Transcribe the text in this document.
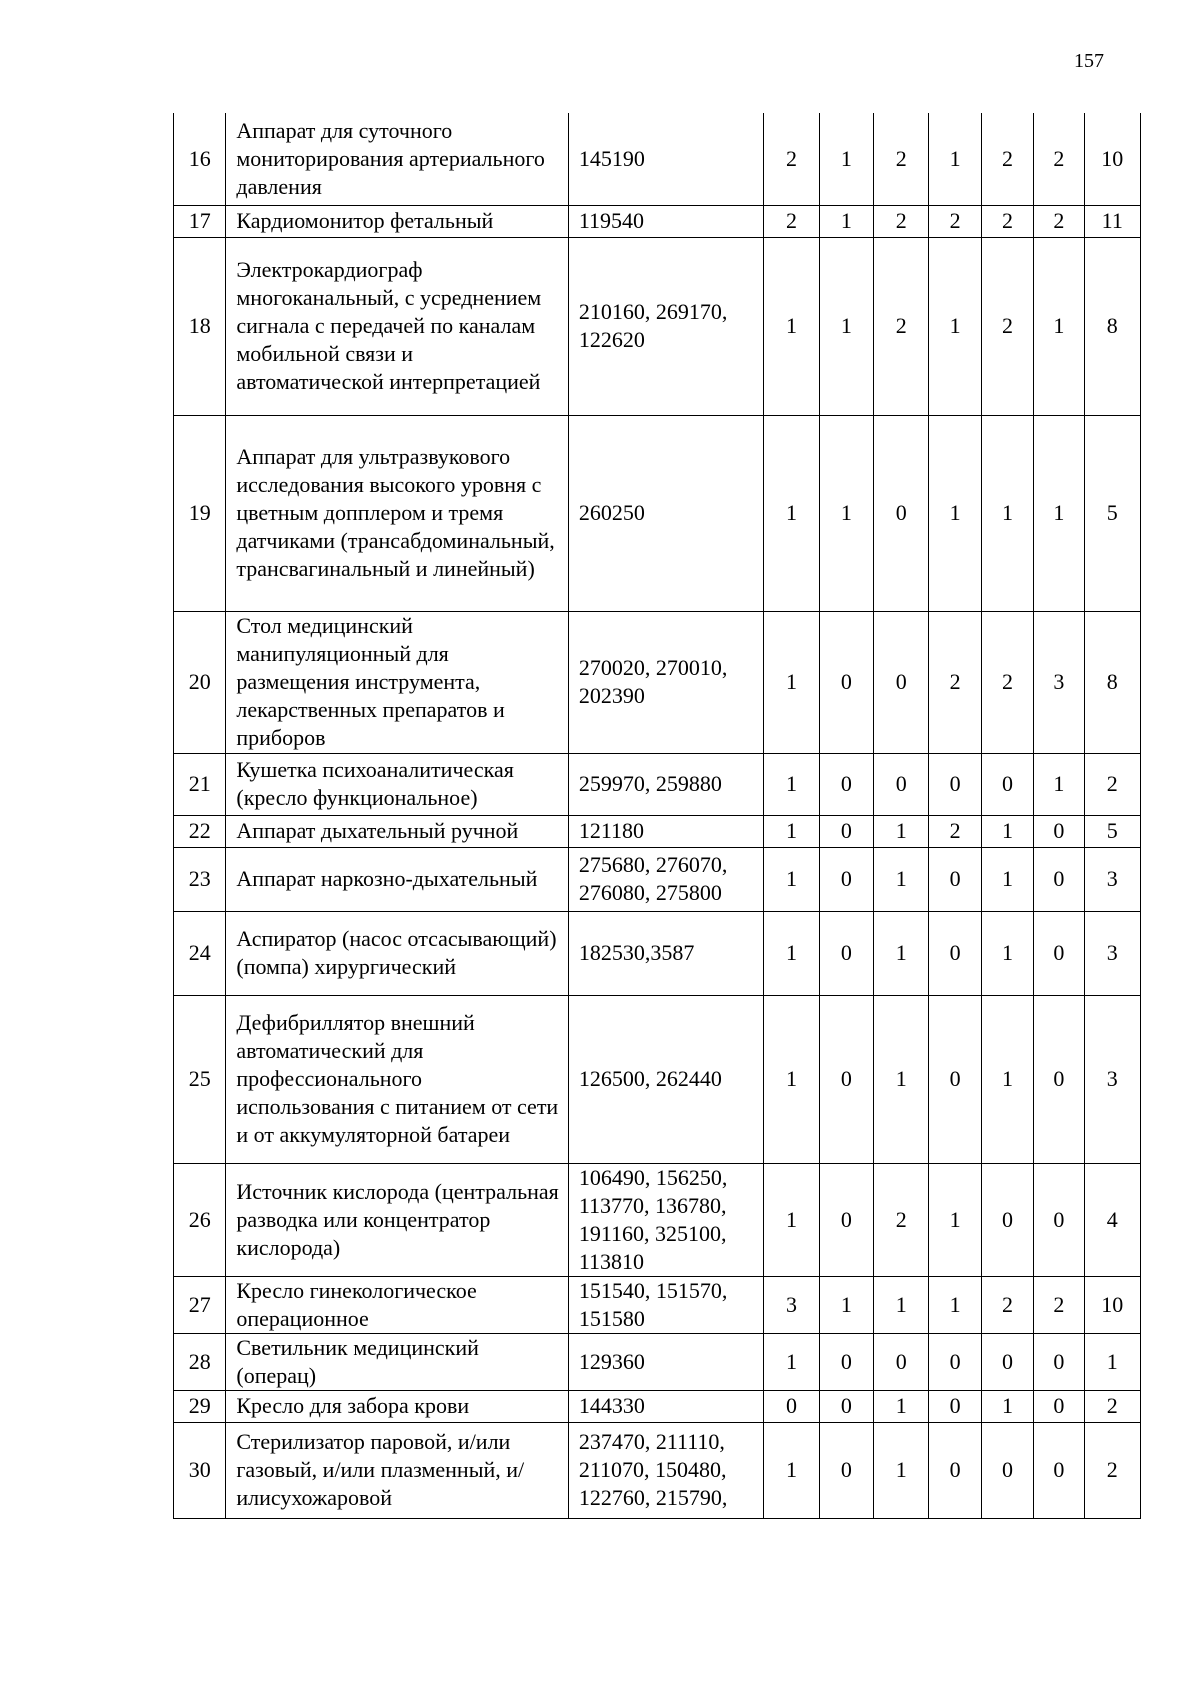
157
16	Аппарат для суточного мониторирования артериального давления	145190	2	1	2	1	2	2	10
17	Кардиомонитор фетальный	119540	2	1	2	2	2	2	11
18	Электрокардиограф многоканальный, с усреднением сигнала с передачей по каналам мобильной связи и автоматической интерпретацией	210160, 269170, 122620	1	1	2	1	2	1	8
19	Аппарат для ультразвукового исследования высокого уровня с цветным допплером и тремя датчиками (трансабдоминальный, трансвагинальный и линейный)	260250	1	1	0	1	1	1	5
20	Стол медицинский манипуляционный для размещения инструмента, лекарственных препаратов и приборов	270020, 270010, 202390	1	0	0	2	2	3	8
21	Кушетка психоаналитическая (кресло функциональное)	259970, 259880	1	0	0	0	0	1	2
22	Аппарат дыхательный ручной	121180	1	0	1	2	1	0	5
23	Аппарат наркозно-дыхательный	275680, 276070, 276080, 275800	1	0	1	0	1	0	3
24	Аспиратор (насос отсасывающий) (помпа) хирургический	182530,3587	1	0	1	0	1	0	3
25	Дефибриллятор внешний автоматический для профессионального использования с питанием от сети и от аккумуляторной батареи	126500, 262440	1	0	1	0	1	0	3
26	Источник кислорода (центральная разводка или концентратор кислорода)	106490, 156250, 113770, 136780, 191160, 325100, 113810	1	0	2	1	0	0	4
27	Кресло гинекологическое операционное	151540, 151570, 151580	3	1	1	1	2	2	10
28	Светильник медицинский (операц)	129360	1	0	0	0	0	0	1
29	Кресло для забора крови	144330	0	0	1	0	1	0	2
30	Стерилизатор паровой, и/или газовый, и/или плазменный, и/илисухожаровой	237470, 211110, 211070, 150480, 122760, 215790,	1	0	1	0	0	0	2
